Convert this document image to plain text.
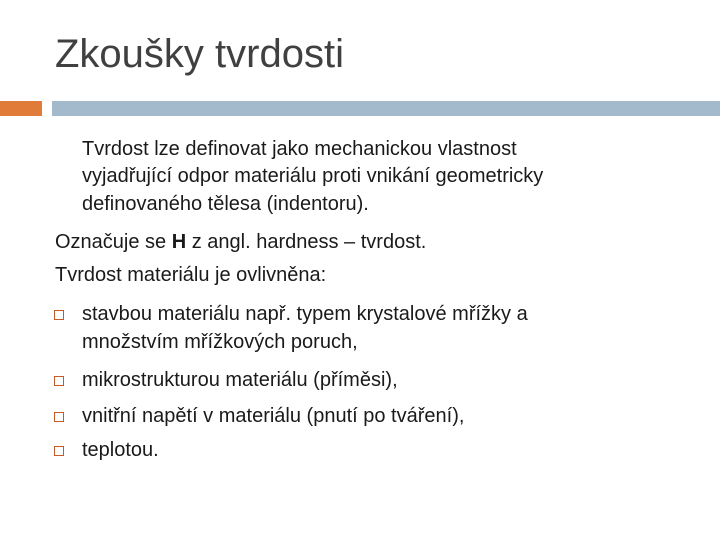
Zkoušky tvrdosti
Tvrdost lze definovat jako mechanickou vlastnost
vyjadřující odpor materiálu proti vnikání geometricky
definovaného tělesa (indentoru).
Označuje se H z angl. hardness – tvrdost.
Tvrdost materiálu je ovlivněna:
stavbou materiálu např. typem krystalové mřížky a
množstvím mřížkových poruch,
mikrostrukturou materiálu (příměsi),
vnitřní napětí v materiálu (pnutí po tváření),
teplotou.
